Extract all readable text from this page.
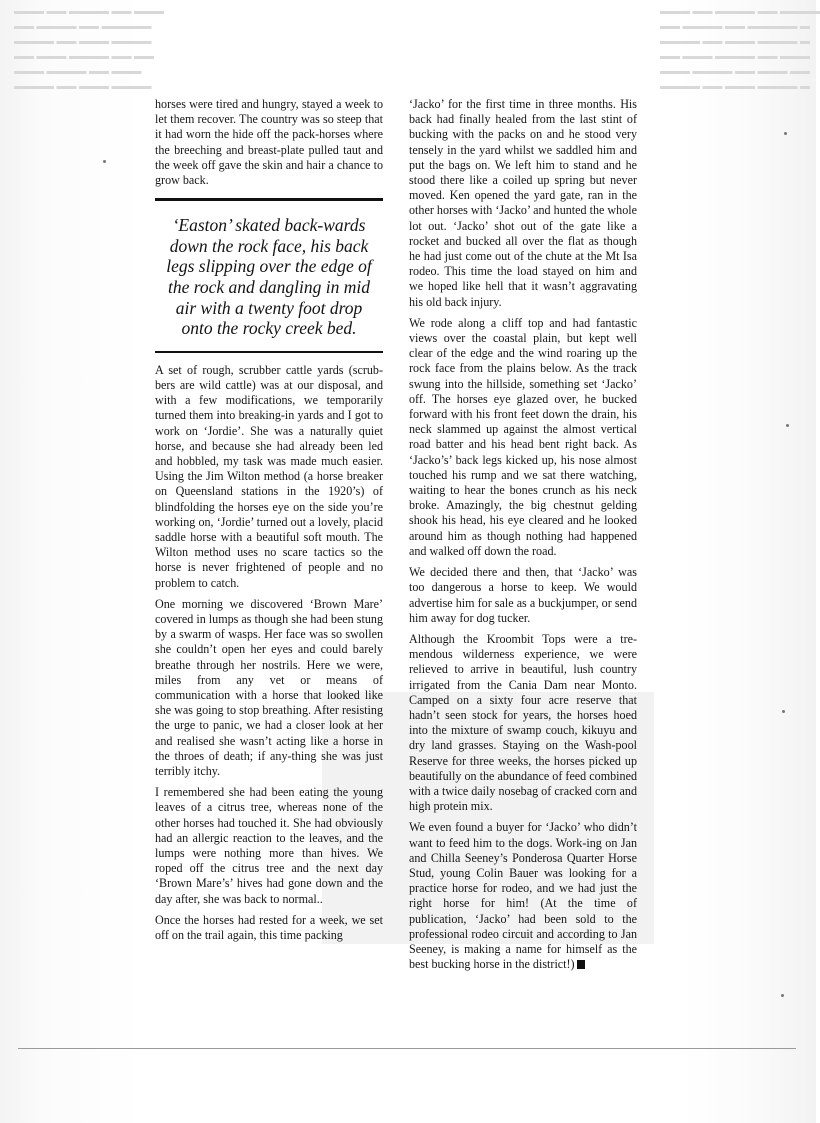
▬▬▬ ▬▬ ▬▬▬▬ ▬▬ ▬▬▬
▬▬ ▬▬▬▬ ▬▬ ▬▬▬▬▬
▬▬▬▬ ▬▬ ▬▬▬ ▬▬▬▬
▬▬ ▬▬▬ ▬▬▬▬ ▬▬ ▬▬
▬▬▬ ▬▬▬▬ ▬▬ ▬▬▬
▬▬▬▬ ▬▬ ▬▬▬ ▬▬▬▬
▬▬▬ ▬▬ ▬▬▬▬ ▬▬ ▬▬▬▬
▬▬ ▬▬▬▬ ▬▬ ▬▬▬▬▬ ▬
▬▬▬▬ ▬▬ ▬▬▬ ▬▬▬▬ ▬
▬▬ ▬▬▬ ▬▬▬▬ ▬▬ ▬▬▬
▬▬▬ ▬▬▬▬ ▬▬ ▬▬▬ ▬▬
▬▬▬▬ ▬▬ ▬▬▬ ▬▬▬▬ ▬

horses were tired and hungry, stayed a week to let them recover. The country was so steep that it had worn the hide off the pack-horses where the breeching and breast-plate pulled taut and the week off gave the skin and hair a chance to grow back.

‘Easton’ skated back-wards down the rock face, his back legs slipping over the edge of the rock and dangling in mid air with a twenty foot drop onto the rocky creek bed.

A set of rough, scrubber cattle yards (scrub-bers are wild cattle) was at our disposal, and with a few modifications, we temporarily turned them into breaking-in yards and I got to work on ‘Jordie’. She was a naturally quiet horse, and because she had already been led and hobbled, my task was made much easier. Using the Jim Wilton method (a horse breaker on Queensland stations in the 1920’s) of blindfolding the horses eye on the side you’re working on, ‘Jordie’ turned out a lovely, placid saddle horse with a beautiful soft mouth. The Wilton method uses no scare tactics so the horse is never frightened of people and no problem to catch.

One morning we discovered ‘Brown Mare’ covered in lumps as though she had been stung by a swarm of wasps. Her face was so swollen she couldn’t open her eyes and could barely breathe through her nostrils. Here we were, miles from any vet or means of communication with a horse that looked like she was going to stop breathing. After resisting the urge to panic, we had a closer look at her and realised she wasn’t acting like a horse in the throes of death; if any-thing she was just terribly itchy.

I remembered she had been eating the young leaves of a citrus tree, whereas none of the other horses had touched it. She had obviously had an allergic reaction to the leaves, and the lumps were nothing more than hives. We roped off the citrus tree and the next day ‘Brown Mare’s’ hives had gone down and the day after, she was back to normal..

Once the horses had rested for a week, we set off on the trail again, this time packing

‘Jacko’ for the first time in three months. His back had finally healed from the last stint of bucking with the packs on and he stood very tensely in the yard whilst we saddled him and put the bags on. We left him to stand and he stood there like a coiled up spring but never moved. Ken opened the yard gate, ran in the other horses with ‘Jacko’ and hunted the whole lot out. ‘Jacko’ shot out of the gate like a rocket and bucked all over the flat as though he had just come out of the chute at the Mt Isa rodeo. This time the load stayed on him and we hoped like hell that it wasn’t aggravating his old back injury.

We rode along a cliff top and had fantastic views over the coastal plain, but kept well clear of the edge and the wind roaring up the rock face from the plains below. As the track swung into the hillside, something set ‘Jacko’ off. The horses eye glazed over, he bucked forward with his front feet down the drain, his neck slammed up against the almost vertical road batter and his head bent right back. As ‘Jacko’s’ back legs kicked up, his nose almost touched his rump and we sat there watching, waiting to hear the bones crunch as his neck broke. Amazingly, the big chestnut gelding shook his head, his eye cleared and he looked around him as though nothing had happened and walked off down the road.

We decided there and then, that ‘Jacko’ was too dangerous a horse to keep. We would advertise him for sale as a buckjumper, or send him away for dog tucker.

Although the Kroombit Tops were a tre-mendous wilderness experience, we were relieved to arrive in beautiful, lush country irrigated from the Cania Dam near Monto. Camped on a sixty four acre reserve that hadn’t seen stock for years, the horses hoed into the mixture of swamp couch, kikuyu and dry land grasses. Staying on the Wash-pool Reserve for three weeks, the horses picked up beautifully on the abundance of feed combined with a twice daily nosebag of cracked corn and high protein mix.

We even found a buyer for ‘Jacko’ who didn’t want to feed him to the dogs. Work-ing on Jan and Chilla Seeney’s Ponderosa Quarter Horse Stud, young Colin Bauer was looking for a practice horse for rodeo, and we had just the right horse for him! (At the time of publication, ‘Jacko’ had been sold to the professional rodeo circuit and according to Jan Seeney, is making a name for himself as the best bucking horse in the district!)
